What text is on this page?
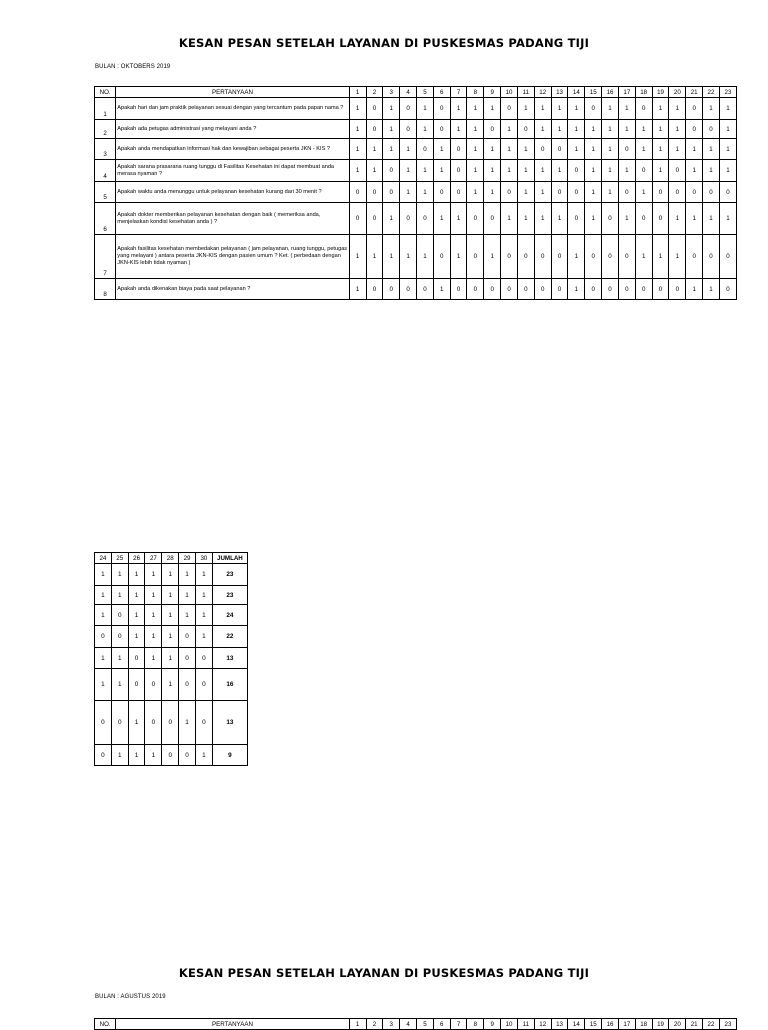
KESAN PESAN SETELAH LAYANAN DI PUSKESMAS PADANG TIJI
BULAN : OKTOBERS 2019
NO.	PERTANYAAN	1	2	3	4	5	6	7	8	9	10	11	12	13	14	15	16	17	18	19	20	21	22	23
1	Apakah hari dan jam praktik pelayanan sesuai dengan yang tercantum pada papan nama ?	1	0	1	0	1	0	1	1	1	0	1	1	1	1	0	1	1	0	1	1	0	1	1
2	Apakah ada petugas administrasi yang melayani anda ?	1	0	1	0	1	0	1	1	0	1	0	1	1	1	1	1	1	1	1	1	0	0	1
3	Apakah anda mendapatkan informasi hak dan kewajiban sebagai peserta JKN - KIS ?	1	1	1	1	0	1	0	1	1	1	1	0	0	1	1	1	0	1	1	1	1	1	1
4	Apakah sarana prasarana ruang tunggu di Fasilitas Kesehatan ini dapat membuat anda merasa nyaman ?	1	1	0	1	1	1	0	1	1	1	1	1	1	0	1	1	1	0	1	0	1	1	1
5	Apakah waktu anda menunggu untuk pelayanan kesehatan kurang dari 30 menit ?	0	0	0	1	1	0	0	1	1	0	1	1	0	0	1	1	0	1	0	0	0	0	0
6	Apakah dokter memberikan pelayanan kesehatan dengan baik ( memeriksa anda, menjelaskan kondisi kesehatan anda ) ?	0	0	1	0	0	1	1	0	0	1	1	1	1	0	1	0	1	0	0	1	1	1	1
7	Apakah fasilitas kesehatan membedakan pelayanan ( jam pelayanan, ruang tunggu, petugas yang melayani ) antara peserta JKN-KIS dengan pasien umum ? Ket. ( perbedaan dengan JKN-KIS lebih tidak nyaman )	1	1	1	1	1	0	1	0	1	0	0	0	0	1	0	0	0	1	1	1	0	0	0
8	Apakah anda dikenakan biaya pada saat pelayanan ?	1	0	0	0	0	1	0	0	0	0	0	0	0	1	0	0	0	0	0	0	1	1	0
24	25	26	27	28	29	30	JUMLAH
1	1	1	1	1	1	1	23
1	1	1	1	1	1	1	23
1	0	1	1	1	1	1	24
0	0	1	1	1	0	1	22
1	1	0	1	1	0	0	13
1	1	0	0	1	0	0	16
0	0	1	0	0	1	0	13
0	1	1	1	0	0	1	9
KESAN PESAN SETELAH LAYANAN DI PUSKESMAS PADANG TIJI
BULAN : AGUSTUS 2019
NO.	PERTANYAAN	1	2	3	4	5	6	7	8	9	10	11	12	13	14	15	16	17	18	19	20	21	22	23
